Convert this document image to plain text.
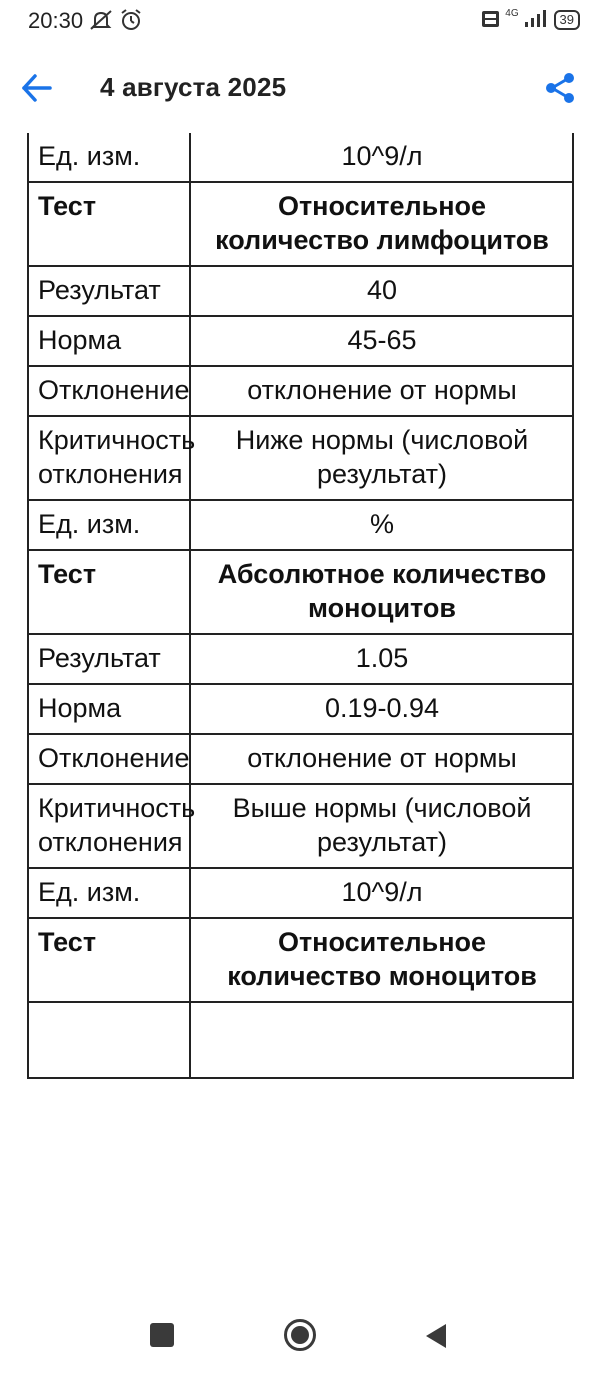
20:30
	$^{4G}$	39
4 августа 2025
Ед. изм.	10^9/л
Тест	Относительное количество лимфоцитов
Результат	40
Норма	45-65
Отклонение	отклонение от нормы
Критичность отклонения	Ниже нормы (числовой результат)
Ед. изм.	%
Тест	Абсолютное количество моноцитов
Результат	1.05
Норма	0.19-0.94
Отклонение	отклонение от нормы
Критичность отклонения	Выше нормы (числовой результат)
Ед. изм.	10^9/л
Тест	Относительное количество моноцитов
